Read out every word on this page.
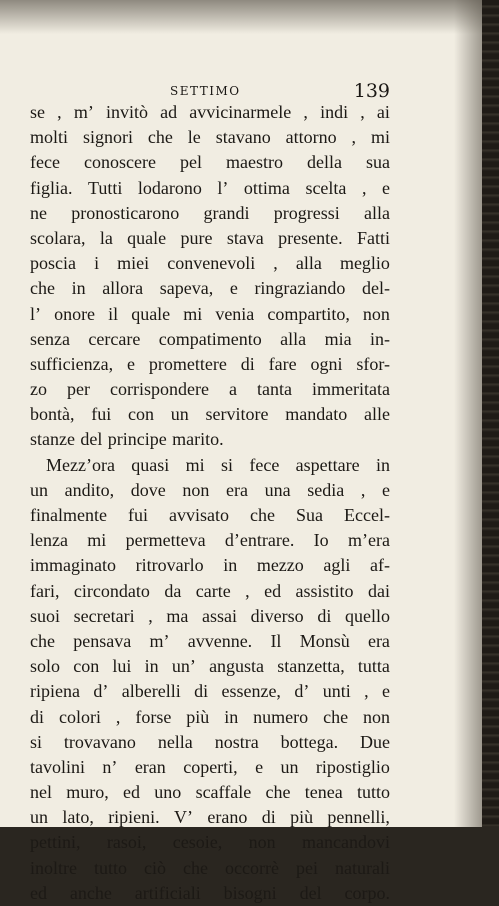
SETTIMO	139
se , m’ invitò ad avvicinarmele , indi , ai
molti signori che le stavano attorno , mi
fece conoscere pel maestro della sua
figlia. Tutti lodarono l’ ottima scelta , e
ne pronosticarono grandi progressi alla
scolara, la quale pure stava presente. Fatti
poscia i miei convenevoli , alla meglio
che in allora sapeva, e ringraziando del-
l’ onore il quale mi venia compartito, non
senza cercare compatimento alla mia in-
sufficienza, e promettere di fare ogni sfor-
zo per corrispondere a tanta immeritata
bontà, fui con un servitore mandato alle
stanze del principe marito.
Mezz’ora quasi mi si fece aspettare in
un andito, dove non era una sedia , e
finalmente fui avvisato che Sua Eccel-
lenza mi permetteva d’entrare. Io m’era
immaginato ritrovarlo in mezzo agli af-
fari, circondato da carte , ed assistito dai
suoi secretari , ma assai diverso di quello
che pensava m’ avvenne. Il Monsù era
solo con lui in un’ angusta stanzetta, tutta
ripiena d’ alberelli di essenze, d’ unti , e
di colori , forse più in numero che non
si trovavano nella nostra bottega. Due
tavolini n’ eran coperti, e un ripostiglio
nel muro, ed uno scaffale che tenea tutto
un lato, ripieni. V’ erano di più pennelli,
pettini, rasoi, cesoie, non mancandovi
inoltre tutto ciò che occorrè pei naturali
ed anche artificiali bisogni del corpo.
